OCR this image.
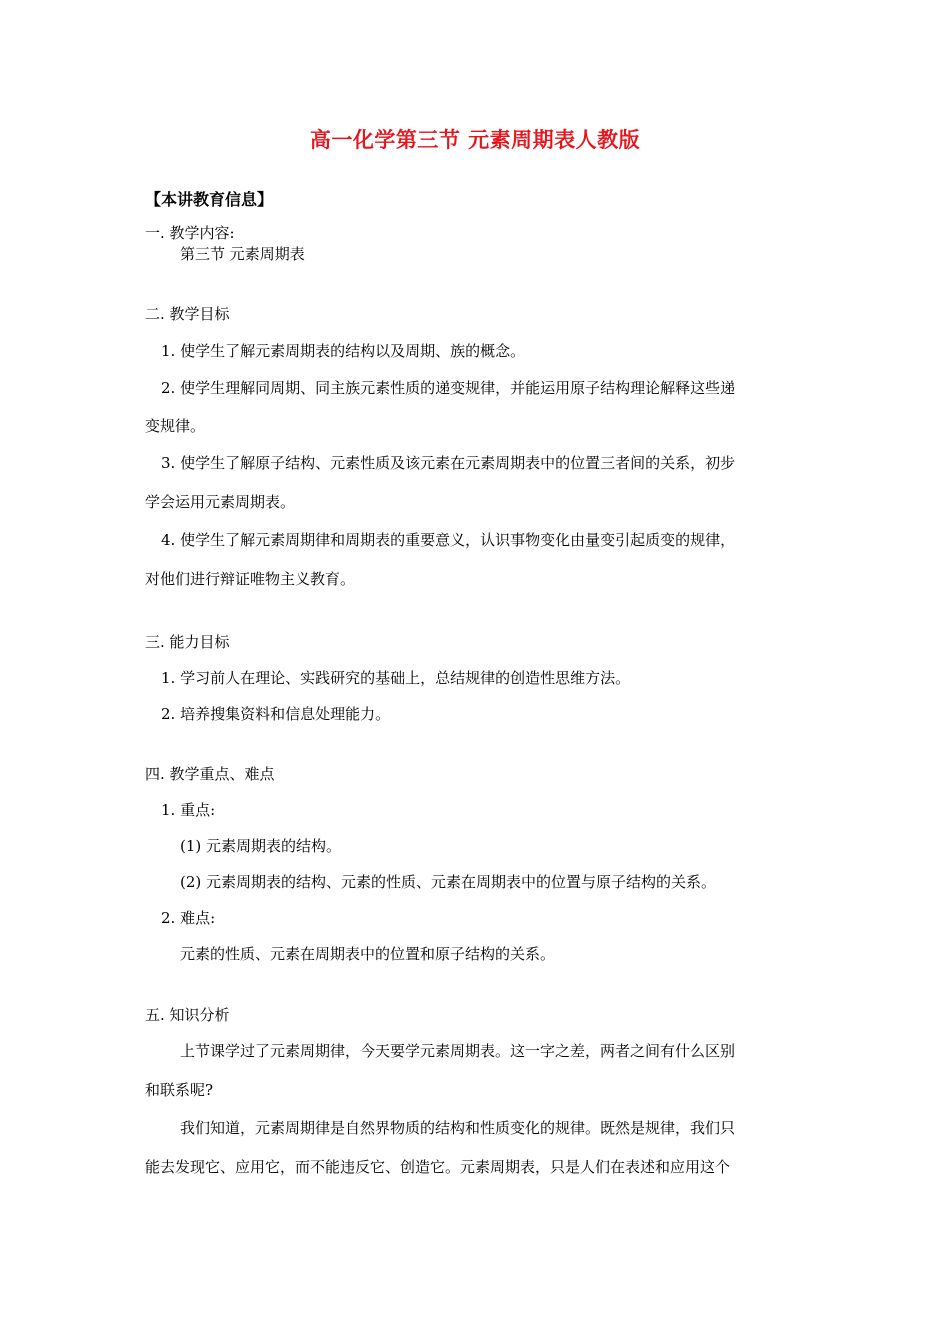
高一化学第三节 元素周期表人教版
【本讲教育信息】
一. 教学内容:
第三节 元素周期表
二. 教学目标
1. 使学生了解元素周期表的结构以及周期、族的概念。
2. 使学生理解同周期、同主族元素性质的递变规律，并能运用原子结构理论解释这些递
变规律。
3. 使学生了解原子结构、元素性质及该元素在元素周期表中的位置三者间的关系，初步
学会运用元素周期表。
4. 使学生了解元素周期律和周期表的重要意义，认识事物变化由量变引起质变的规律，
对他们进行辩证唯物主义教育。
三. 能力目标
1. 学习前人在理论、实践研究的基础上，总结规律的创造性思维方法。
2. 培养搜集资料和信息处理能力。
四. 教学重点、难点
1. 重点:
(1) 元素周期表的结构。
(2) 元素周期表的结构、元素的性质、元素在周期表中的位置与原子结构的关系。
2. 难点:
元素的性质、元素在周期表中的位置和原子结构的关系。
五. 知识分析
上节课学过了元素周期律，今天要学元素周期表。这一字之差，两者之间有什么区别
和联系呢?
我们知道，元素周期律是自然界物质的结构和性质变化的规律。既然是规律，我们只
能去发现它、应用它，而不能违反它、创造它。元素周期表，只是人们在表述和应用这个
